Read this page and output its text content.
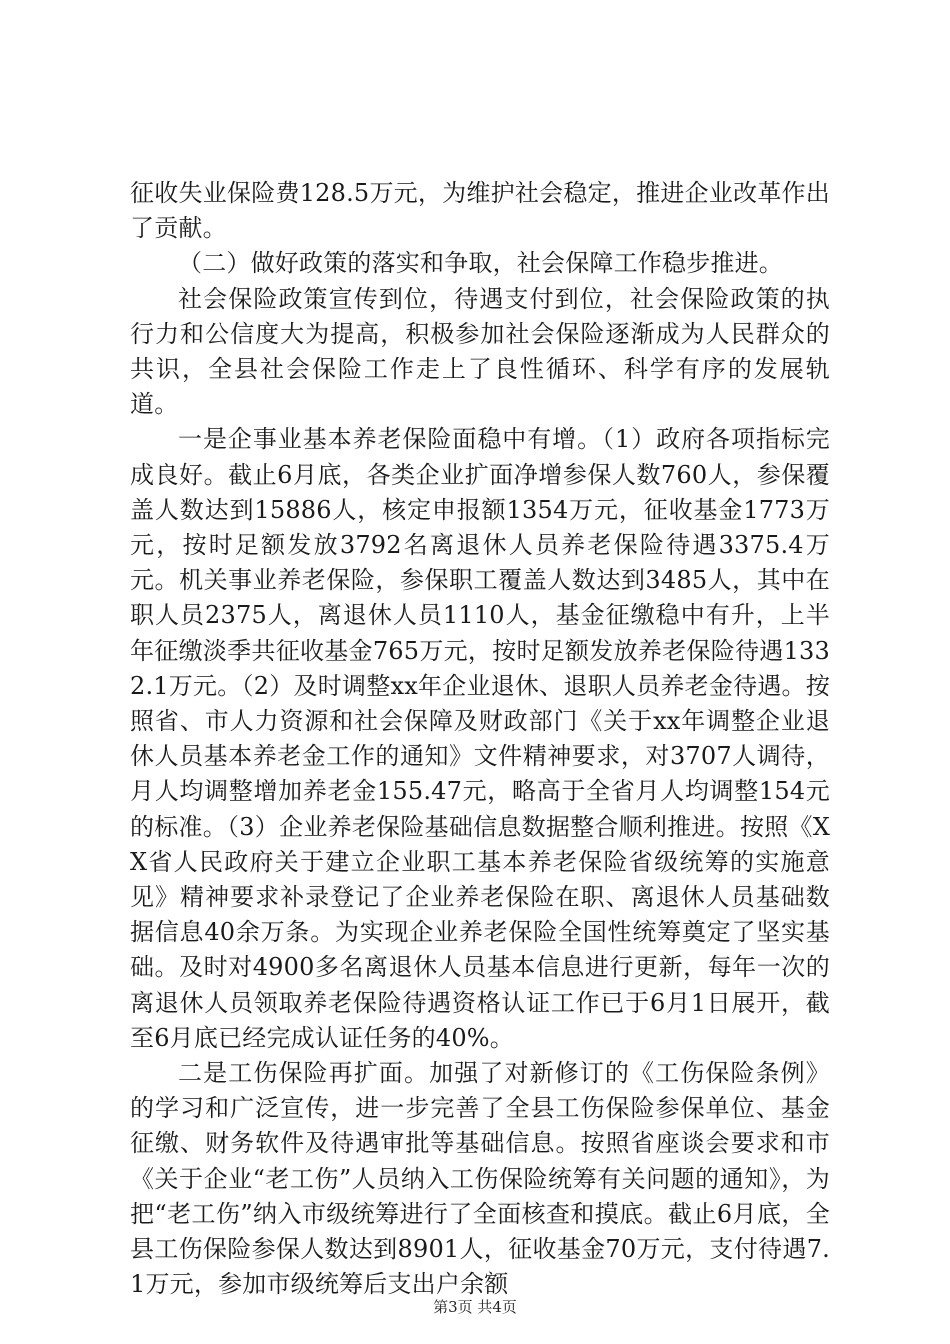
征收失业保险费128.5万元，为维护社会稳定，推进企业改革作出了贡献。

（二）做好政策的落实和争取，社会保障工作稳步推进。

社会保险政策宣传到位，待遇支付到位，社会保险政策的执行力和公信度大为提高，积极参加社会保险逐渐成为人民群众的共识，全县社会保险工作走上了良性循环、科学有序的发展轨道。

一是企事业基本养老保险面稳中有增。（1）政府各项指标完成良好。截止6月底，各类企业扩面净增参保人数760人，参保覆盖人数达到15886人，核定申报额1354万元，征收基金1773万元，按时足额发放3792名离退休人员养老保险待遇3375.4万元。机关事业养老保险，参保职工覆盖人数达到3485人，其中在职人员2375人，离退休人员1110人，基金征缴稳中有升，上半年征缴淡季共征收基金765万元，按时足额发放养老保险待遇1332.1万元。（2）及时调整xx年企业退休、退职人员养老金待遇。按照省、市人力资源和社会保障及财政部门《关于xx年调整企业退休人员基本养老金工作的通知》文件精神要求，对3707人调待，月人均调整增加养老金155.47元，略高于全省月人均调整154元的标准。（3）企业养老保险基础信息数据整合顺利推进。按照《XX省人民政府关于建立企业职工基本养老保险省级统筹的实施意见》精神要求补录登记了企业养老保险在职、离退休人员基础数据信息40余万条。为实现企业养老保险全国性统筹奠定了坚实基础。及时对4900多名离退休人员基本信息进行更新，每年一次的离退休人员领取养老保险待遇资格认证工作已于6月1日展开，截至6月底已经完成认证任务的40%。

二是工伤保险再扩面。加强了对新修订的《工伤保险条例》的学习和广泛宣传，进一步完善了全县工伤保险参保单位、基金征缴、财务软件及待遇审批等基础信息。按照省座谈会要求和市《关于企业“老工伤”人员纳入工伤保险统筹有关问题的通知》，为把“老工伤”纳入市级统筹进行了全面核查和摸底。截止6月底，全县工伤保险参保人数达到8901人，征收基金70万元，支付待遇7.1万元，参加市级统筹后支出户余额

第3页 共4页
